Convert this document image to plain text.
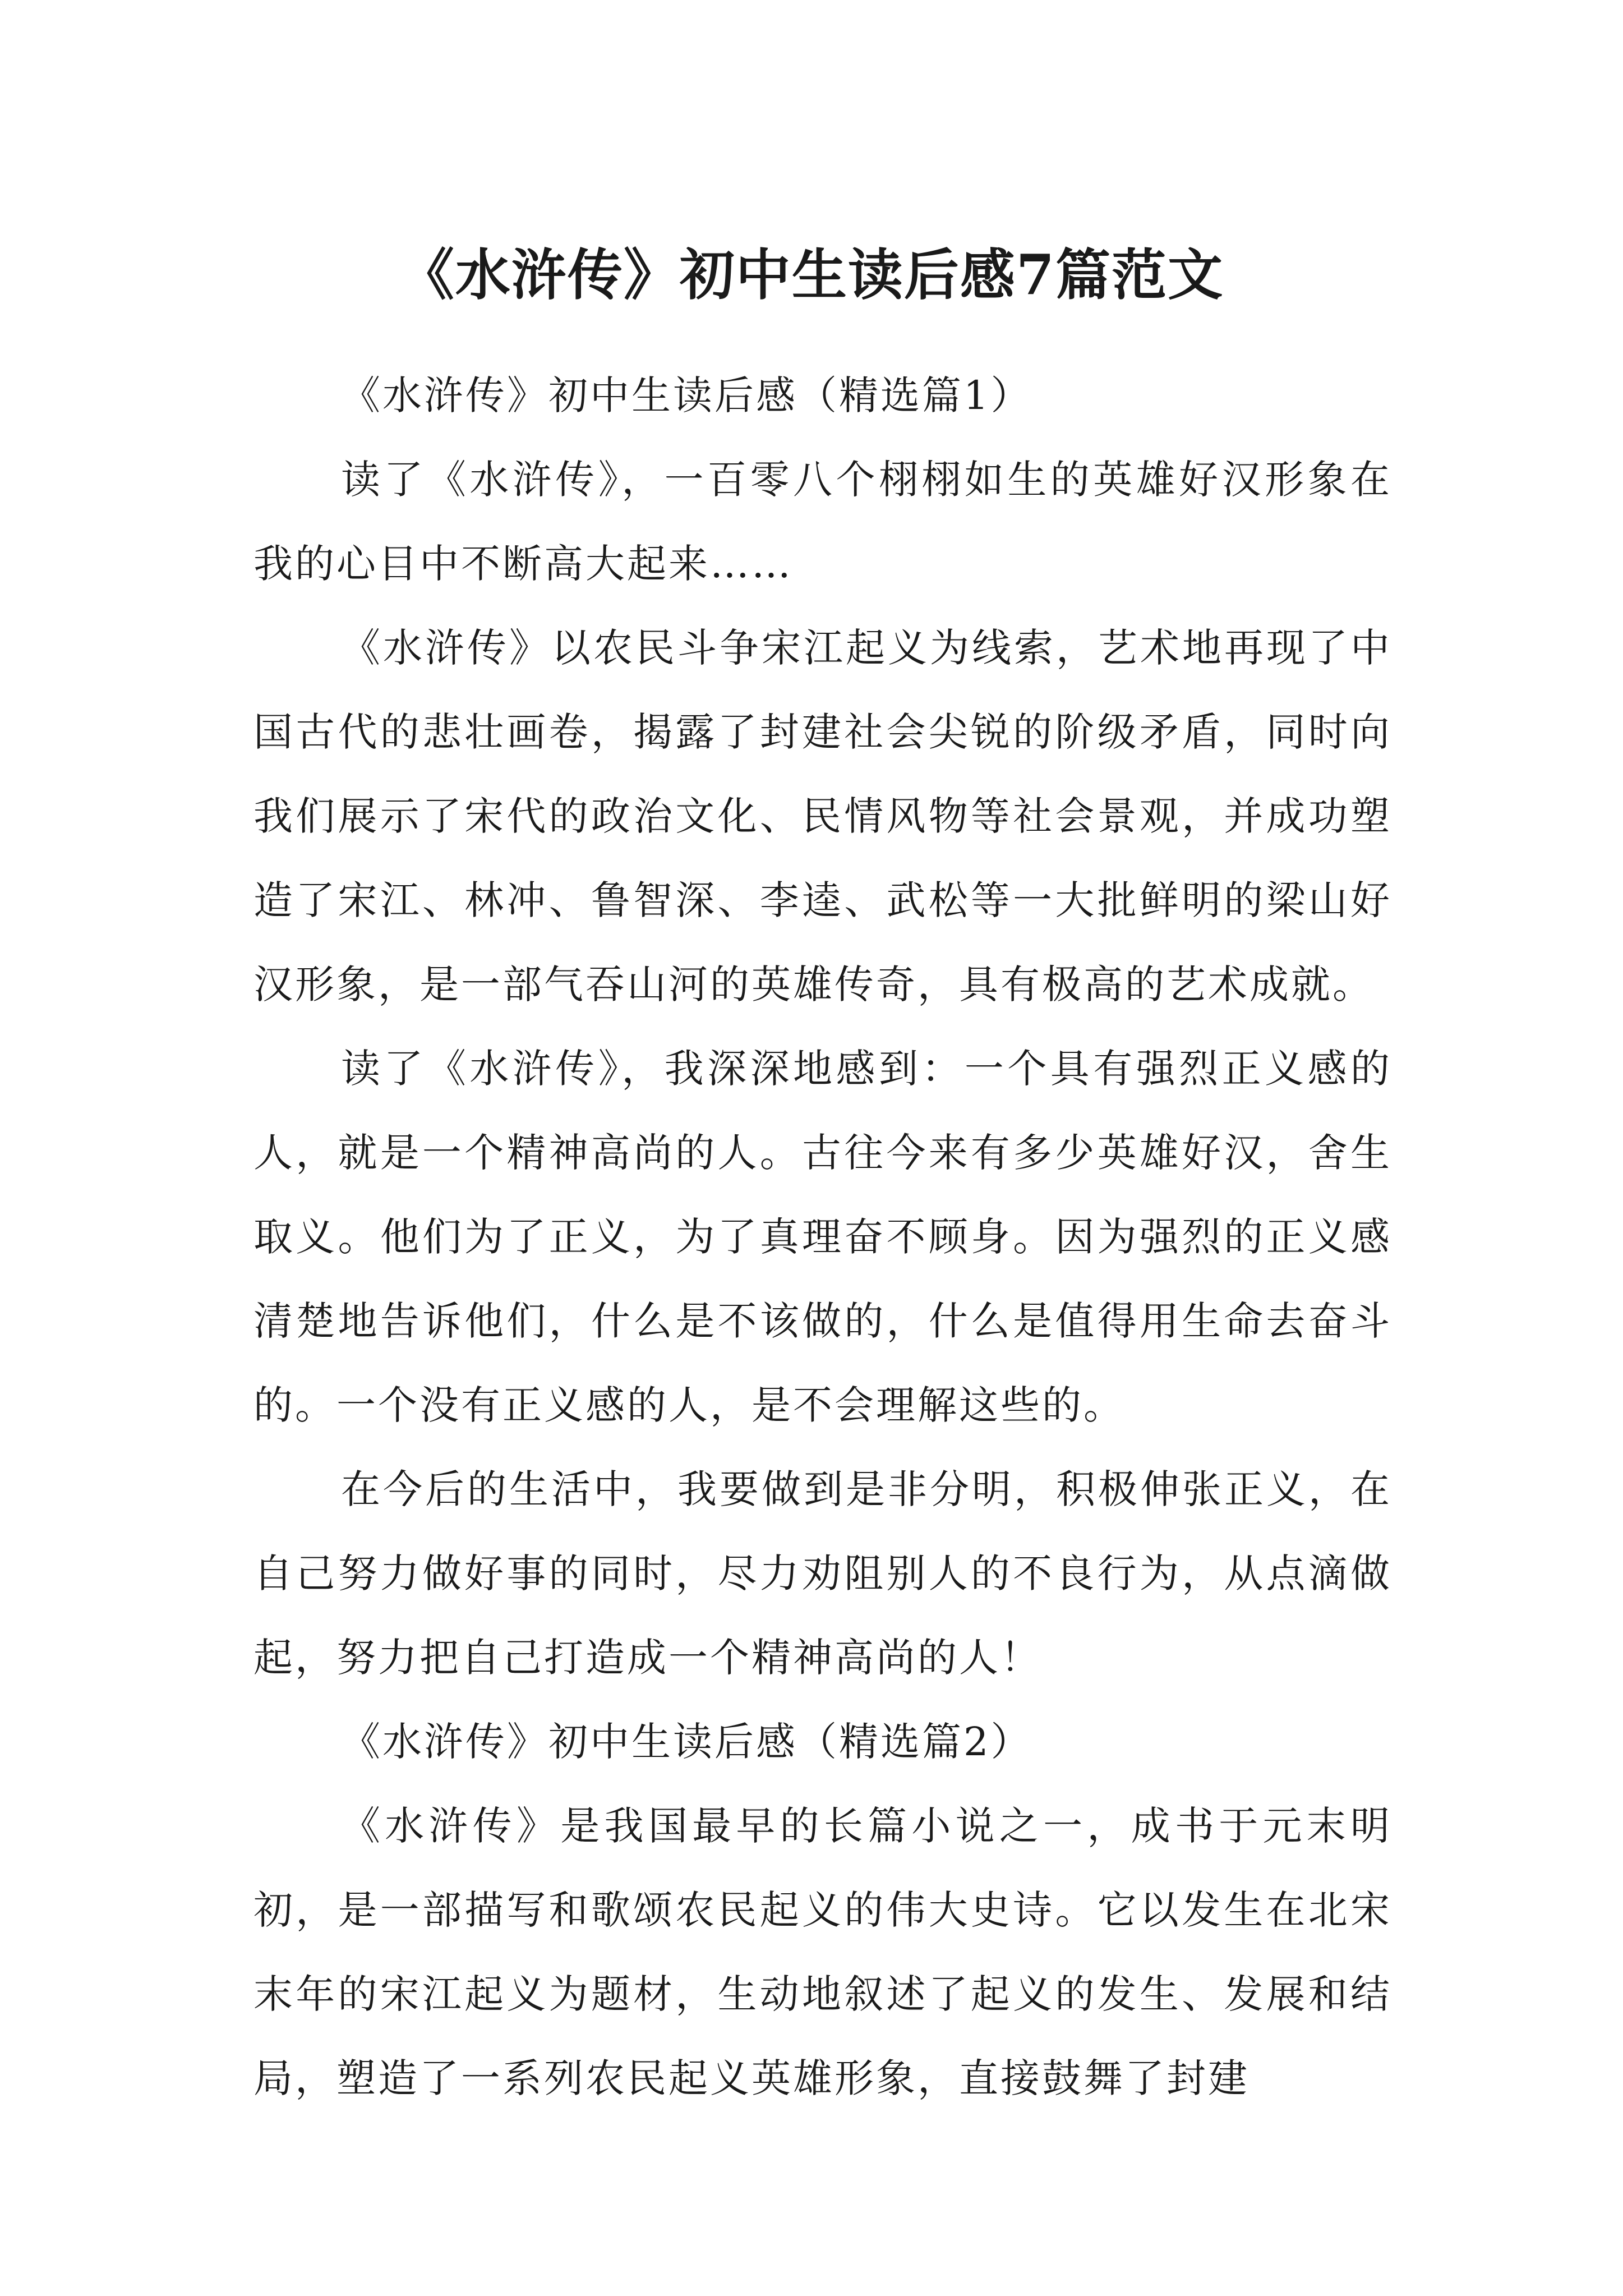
《水浒传》初中生读后感7篇范文

《水浒传》初中生读后感（精选篇1）

读了《水浒传》，一百零八个栩栩如生的英雄好汉形象在我的心目中不断高大起来……

《水浒传》以农民斗争宋江起义为线索，艺术地再现了中国古代的悲壮画卷，揭露了封建社会尖锐的阶级矛盾，同时向我们展示了宋代的政治文化、民情风物等社会景观，并成功塑造了宋江、林冲、鲁智深、李逵、武松等一大批鲜明的梁山好汉形象，是一部气吞山河的英雄传奇，具有极高的艺术成就。

读了《水浒传》，我深深地感到：一个具有强烈正义感的人，就是一个精神高尚的人。古往今来有多少英雄好汉，舍生取义。他们为了正义，为了真理奋不顾身。因为强烈的正义感清楚地告诉他们，什么是不该做的，什么是值得用生命去奋斗的。一个没有正义感的人，是不会理解这些的。

在今后的生活中，我要做到是非分明，积极伸张正义，在自己努力做好事的同时，尽力劝阻别人的不良行为，从点滴做起，努力把自己打造成一个精神高尚的人！

《水浒传》初中生读后感（精选篇2）

《水浒传》是我国最早的长篇小说之一，成书于元末明初，是一部描写和歌颂农民起义的伟大史诗。它以发生在北宋末年的宋江起义为题材，生动地叙述了起义的发生、发展和结局，塑造了一系列农民起义英雄形象，直接鼓舞了封建
